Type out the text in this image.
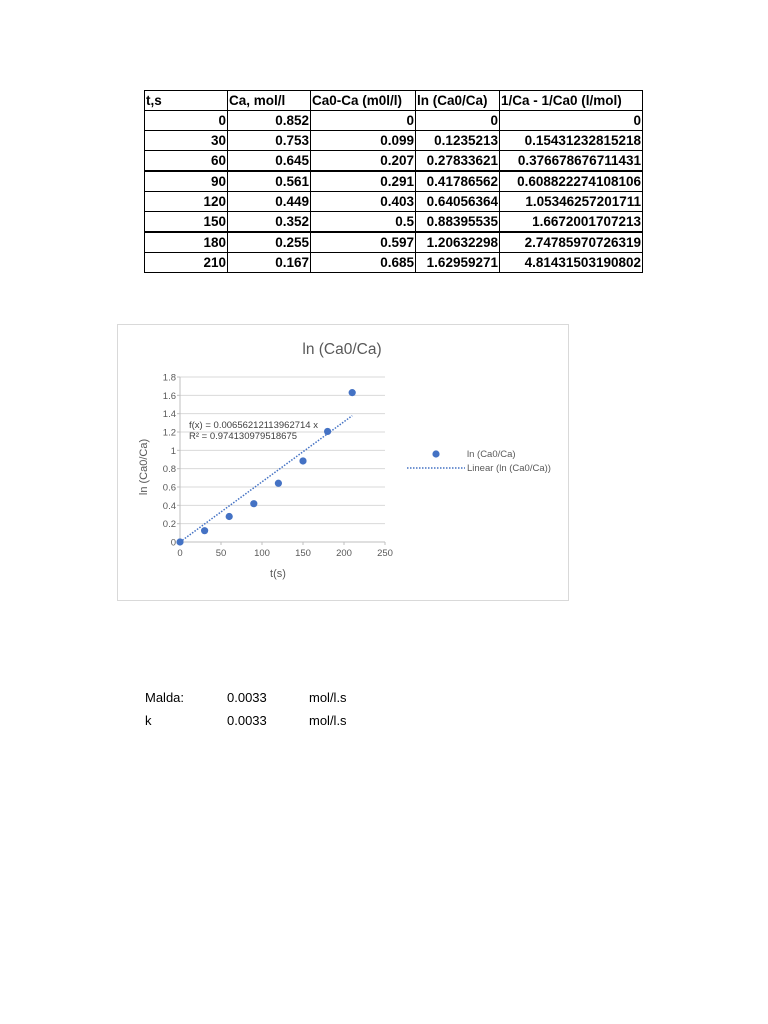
t,s	Ca, mol/l	Ca0-Ca (m0l/l)	ln (Ca0/Ca)	1/Ca - 1/Ca0 (l/mol)
0	0.852	0	0	0
30	0.753	0.099	0.1235213	0.15431232815218
60	0.645	0.207	0.27833621	0.376678676711431
90	0.561	0.291	0.41786562	0.608822274108106
120	0.449	0.403	0.64056364	1.05346257201711
150	0.352	0.5	0.88395535	1.6672001707213
180	0.255	0.597	1.20632298	2.74785970726319
210	0.167	0.685	1.62959271	4.81431503190802
ln (Ca0/Ca)
0
0.2
0.4
0.6
0.8
1
1.2
1.4
1.6
1.8
0	50	100	150	200	250
f(x) = 0.00656212113962714 x
R² = 0.974130979518675
t(s)
ln (Ca0/Ca)	ln (Ca0/Ca)
Linear (ln (Ca0/Ca))
Malda:	0.0033	mol/l.s
k	0.0033	mol/l.s
